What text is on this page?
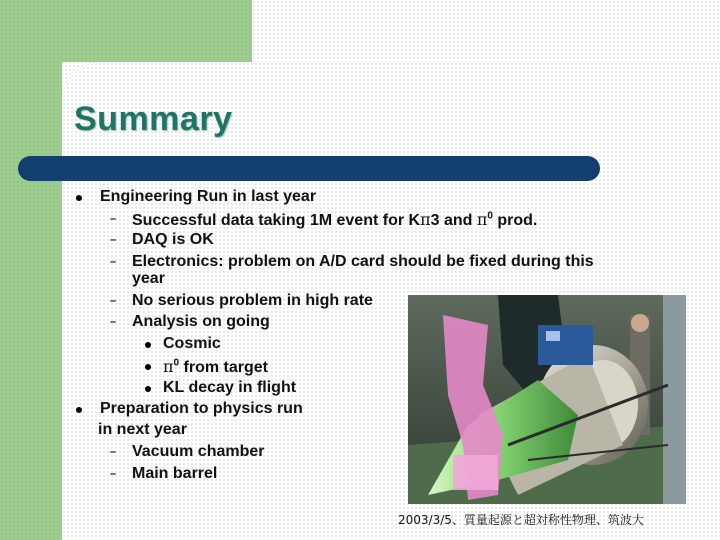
Summary
Engineering Run in last year
– Successful data taking 1M event for Kπ3 and $\pi^0$ prod.
– DAQ is OK
– Electronics: problem on A/D card should be fixed during this
year
– No serious problem in high rate
– Analysis on going
Cosmic
$\pi^0$ from target
KL decay in flight
Preparation to physics run
in next year
– Vacuum chamber
– Main barrel
2003/3/5、質量起源と超対称性物理、筑波大
